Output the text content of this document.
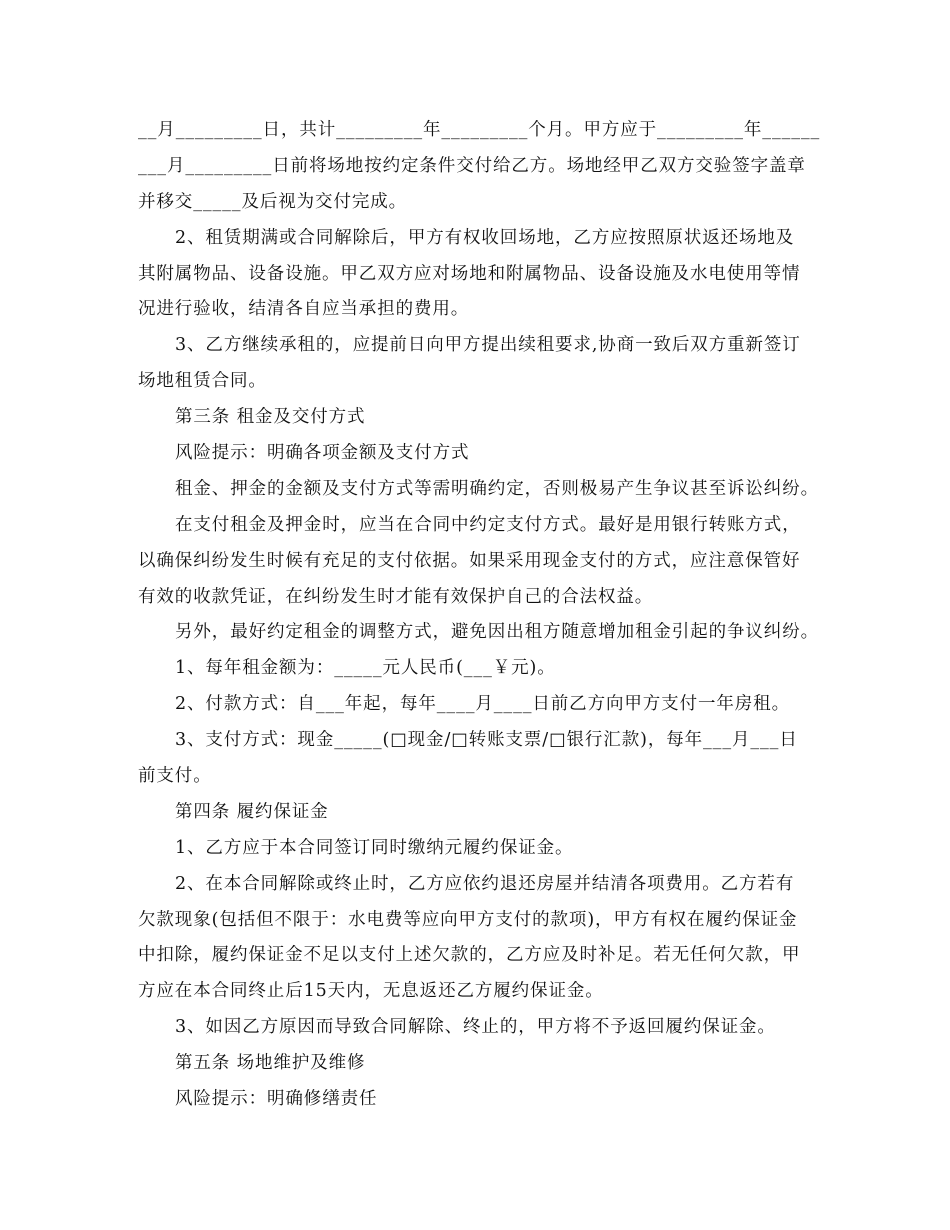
__月_________日，共计_________年_________个月。甲方应于_________年______
___月_________日前将场地按约定条件交付给乙方。场地经甲乙双方交验签字盖章
并移交_____及后视为交付完成。
2、租赁期满或合同解除后，甲方有权收回场地，乙方应按照原状返还场地及
其附属物品、设备设施。甲乙双方应对场地和附属物品、设备设施及水电使用等情
况进行验收，结清各自应当承担的费用。
3、乙方继续承租的，应提前日向甲方提出续租要求,协商一致后双方重新签订
场地租赁合同。
第三条 租金及交付方式
风险提示：明确各项金额及支付方式
租金、押金的金额及支付方式等需明确约定，否则极易产生争议甚至诉讼纠纷。
在支付租金及押金时，应当在合同中约定支付方式。最好是用银行转账方式，
以确保纠纷发生时候有充足的支付依据。如果采用现金支付的方式，应注意保管好
有效的收款凭证，在纠纷发生时才能有效保护自己的合法权益。
另外，最好约定租金的调整方式，避免因出租方随意增加租金引起的争议纠纷。
1、每年租金额为：_____元人民币(___￥元)。
2、付款方式：自___年起，每年____月____日前乙方向甲方支付一年房租。
3、支付方式：现金_____(□现金/□转账支票/□银行汇款)，每年___月___日
前支付。
第四条 履约保证金
1、乙方应于本合同签订同时缴纳元履约保证金。
2、在本合同解除或终止时，乙方应依约退还房屋并结清各项费用。乙方若有
欠款现象(包括但不限于：水电费等应向甲方支付的款项)，甲方有权在履约保证金
中扣除，履约保证金不足以支付上述欠款的，乙方应及时补足。若无任何欠款，甲
方应在本合同终止后15天内，无息返还乙方履约保证金。
3、如因乙方原因而导致合同解除、终止的，甲方将不予返回履约保证金。
第五条 场地维护及维修
风险提示：明确修缮责任
